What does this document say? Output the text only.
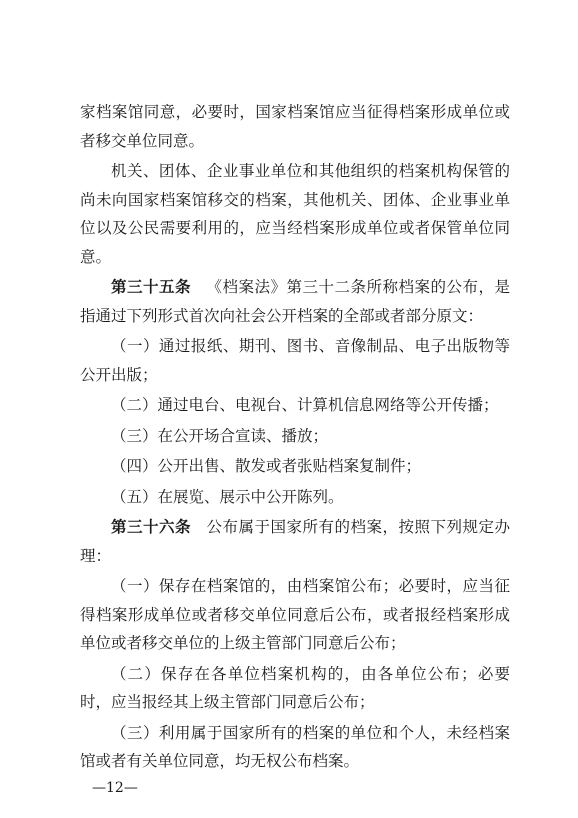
家档案馆同意，必要时，国家档案馆应当征得档案形成单位或者移交单位同意。

机关、团体、企业事业单位和其他组织的档案机构保管的尚未向国家档案馆移交的档案，其他机关、团体、企业事业单位以及公民需要利用的，应当经档案形成单位或者保管单位同意。

第三十五条 《档案法》第三十二条所称档案的公布，是指通过下列形式首次向社会公开档案的全部或者部分原文：

（一）通过报纸、期刊、图书、音像制品、电子出版物等公开出版；

（二）通过电台、电视台、计算机信息网络等公开传播；

（三）在公开场合宣读、播放；

（四）公开出售、散发或者张贴档案复制件；

（五）在展览、展示中公开陈列。

第三十六条 公布属于国家所有的档案，按照下列规定办理：

（一）保存在档案馆的，由档案馆公布；必要时，应当征得档案形成单位或者移交单位同意后公布，或者报经档案形成单位或者移交单位的上级主管部门同意后公布；

（二）保存在各单位档案机构的，由各单位公布；必要时，应当报经其上级主管部门同意后公布；

（三）利用属于国家所有的档案的单位和个人，未经档案馆或者有关单位同意，均无权公布档案。

—12—
